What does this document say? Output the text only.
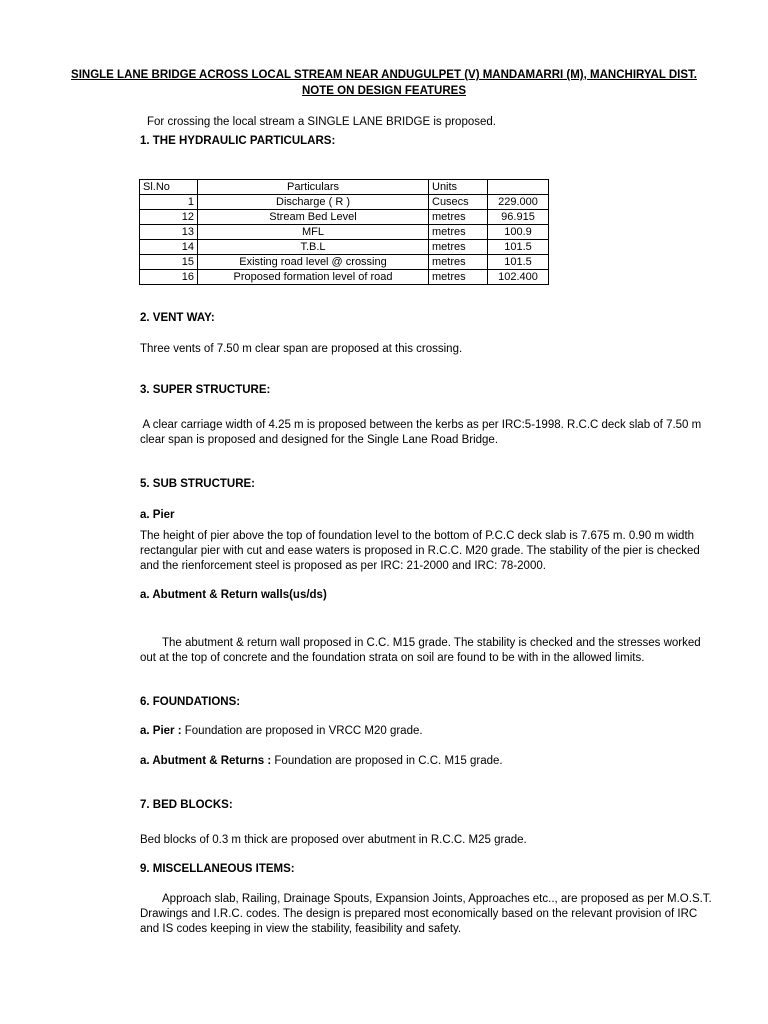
SINGLE LANE BRIDGE ACROSS LOCAL STREAM NEAR ANDUGULPET (V) MANDAMARRI (M), MANCHIRYAL DIST.
NOTE ON DESIGN FEATURES
For crossing the local stream a SINGLE LANE BRIDGE is proposed.
1. THE HYDRAULIC PARTICULARS:
Sl.No	Particulars	Units	
1	Discharge ( R )	Cusecs	229.000
12	Stream Bed Level	metres	96.915
13	MFL	metres	100.9
14	T.B.L	metres	101.5
15	Existing road level @ crossing	metres	101.5
16	Proposed formation level of road	metres	102.400
2. VENT WAY:
Three vents of 7.50 m clear span are proposed at this crossing.
3. SUPER STRUCTURE:
A clear carriage width of 4.25 m is proposed between the kerbs as per IRC:5-1998. R.C.C deck slab of 7.50 m
clear span is proposed and designed for the Single Lane Road Bridge.
5. SUB STRUCTURE:
a. Pier
The height of pier above the top of foundation level to the bottom of P.C.C deck slab is 7.675 m. 0.90 m width
rectangular pier with cut and ease waters is proposed in R.C.C. M20 grade. The stability of the pier is checked
and the rienforcement steel is proposed as per IRC: 21-2000 and IRC: 78-2000.
a. Abutment & Return walls(us/ds)
The abutment & return wall proposed in C.C. M15 grade. The stability is checked and the stresses worked
out at the top of concrete and the foundation strata on soil are found to be with in the allowed limits.
6. FOUNDATIONS:
a. Pier : Foundation are proposed in VRCC M20 grade.
a. Abutment & Returns : Foundation are proposed in C.C. M15 grade.
7. BED BLOCKS:
Bed blocks of 0.3 m thick are proposed over abutment in R.C.C. M25 grade.
9. MISCELLANEOUS ITEMS:
Approach slab, Railing, Drainage Spouts, Expansion Joints, Approaches etc.., are proposed as per M.O.S.T.
Drawings and I.R.C. codes. The design is prepared most economically based on the relevant provision of IRC
and IS codes keeping in view the stability, feasibility and safety.
